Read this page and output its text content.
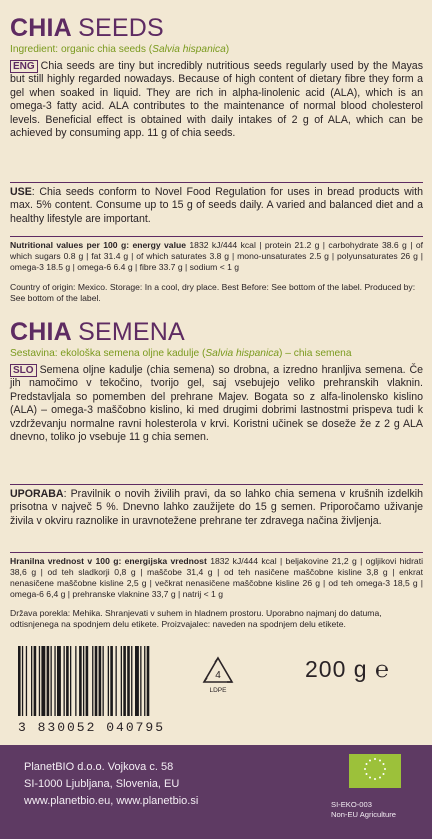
CHIA SEEDS
Ingredient: organic chia seeds (Salvia hispanica)

ENG Chia seeds are tiny but incredibly nutritious seeds regularly used by the Mayas but still highly regarded nowadays. Because of high content of dietary fibre they form a gel when soaked in liquid. They are rich in alpha-linolenic acid (ALA), which is an omega-3 fatty acid. ALA contributes to the maintenance of normal blood cholesterol levels. Beneficial effect is obtained with daily intakes of 2 g of ALA, which can be achieved by consuming app. 11 g of chia seeds.

USE: Chia seeds conform to Novel Food Regulation for uses in bread products with max. 5% content. Consume up to 15 g of seeds daily. A varied and balanced diet and a healthy lifestyle are important.

Nutritional values per 100 g: energy value 1832 kJ/444 kcal | protein 21.2 g | carbohydrate 38.6 g | of which sugars 0.8 g | fat 31.4 g | of which saturates 3.8 g | mono-unsaturates 2.5 g | polyunsaturates 26 g | omega-3 18.5 g | omega-6 6.4 g | fibre 33.7 g | sodium < 1 g

Country of origin: Mexico. Storage: In a cool, dry place. Best Before: See bottom of the label. Produced by: See bottom of the label.

CHIA SEMENA
Sestavina: ekološka semena oljne kadulje (Salvia hispanica) – chia semena

SLO Semena oljne kadulje (chia semena) so drobna, a izredno hranljiva semena. Če jih namočimo v tekočino, tvorijo gel, saj vsebujejo veliko prehranskih vlaknin. Predstavljala so pomemben del prehrane Majev. Bogata so z alfa-linolensko kislino (ALA) – omega-3 maščobno kislino, ki med drugimi dobrimi lastnostmi prispeva tudi k vzdrževanju normalne ravni holesterola v krvi. Koristni učinek se doseže že z 2 g ALA dnevno, toliko jo vsebuje 11 g chia semen.

UPORABA: Pravilnik o novih živilih pravi, da so lahko chia semena v krušnih izdelkih prisotna v največ 5 %. Dnevno lahko zaužijete do 15 g semen. Priporočamo uživanje živila v okviru raznolike in uravnotežene prehrane ter zdravega načina življenja.

Hranilna vrednost v 100 g: energijska vrednost 1832 kJ/444 kcal | beljakovine 21,2 g | ogljikovi hidrati 38,6 g | od teh sladkorji 0,8 g | maščobe 31,4 g | od teh nasičene maščobne kisline 3,8 g | enkrat nenasičene maščobne kisline 2,5 g | večkrat nenasičene maščobne kisline 26 g | od teh omega-3 18,5 g | omega-6 6,4 g | prehranske vlaknine 33,7 g | natrij < 1 g

Država porekla: Mehika. Shranjevati v suhem in hladnem prostoru. Uporabno najmanj do datuma, odtisnjenega na spodnjem delu etikete. Proizvajalec: naveden na spodnjem delu etikete.

3 830052 040795
4
LDPE
200 g ℮
PlanetBIO d.o.o. Vojkova c. 58
SI-1000 Ljubljana, Slovenia, EU
www.planetbio.eu, www.planetbio.si	SI-EKO-003
Non-EU Agriculture
